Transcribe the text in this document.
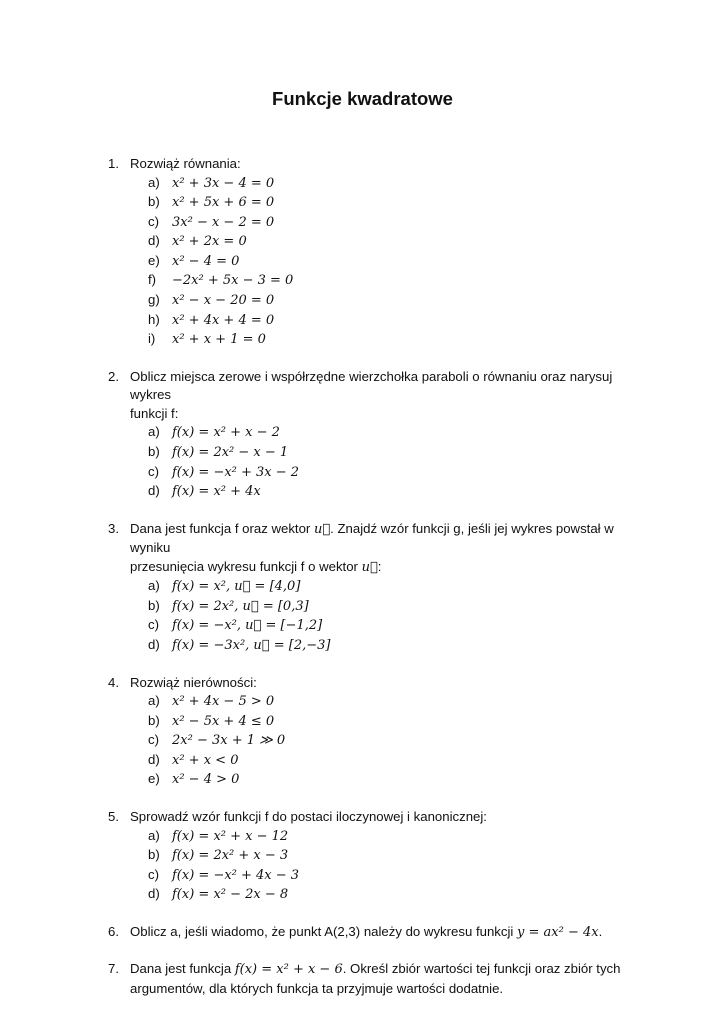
Funkcje kwadratowe
1. Rozwiąż równania:
a) x² + 3x − 4 = 0
b) x² + 5x + 6 = 0
c) 3x² − x − 2 = 0
d) x² + 2x = 0
e) x² − 4 = 0
f) −2x² + 5x − 3 = 0
g) x² − x − 20 = 0
h) x² + 4x + 4 = 0
i) x² + x + 1 = 0
2. Oblicz miejsca zerowe i współrzędne wierzchołka paraboli o równaniu oraz narysuj wykres
funkcji f:
a) f(x) = x² + x − 2
b) f(x) = 2x² − x − 1
c) f(x) = −x² + 3x − 2
d) f(x) = x² + 4x
3. Dana jest funkcja f oraz wektor u⃗. Znajdź wzór funkcji g, jeśli jej wykres powstał w wyniku
przesunięcia wykresu funkcji f o wektor u⃗:
a) f(x) = x², u⃗ = [4,0]
b) f(x) = 2x², u⃗ = [0,3]
c) f(x) = −x², u⃗ = [−1,2]
d) f(x) = −3x², u⃗ = [2,−3]
4. Rozwiąż nierówności:
a) x² + 4x − 5 > 0
b) x² − 5x + 4 ≤ 0
c) 2x² − 3x + 1 ≫ 0
d) x² + x < 0
e) x² − 4 > 0
5. Sprowadź wzór funkcji f do postaci iloczynowej i kanonicznej:
a) f(x) = x² + x − 12
b) f(x) = 2x² + x − 3
c) f(x) = −x² + 4x − 3
d) f(x) = x² − 2x − 8
6. Oblicz a, jeśli wiadomo, że punkt A(2,3) należy do wykresu funkcji y = ax² − 4x.
7. Dana jest funkcja f(x) = x² + x − 6. Określ zbiór wartości tej funkcji oraz zbiór tych
argumentów, dla których funkcja ta przyjmuje wartości dodatnie.
